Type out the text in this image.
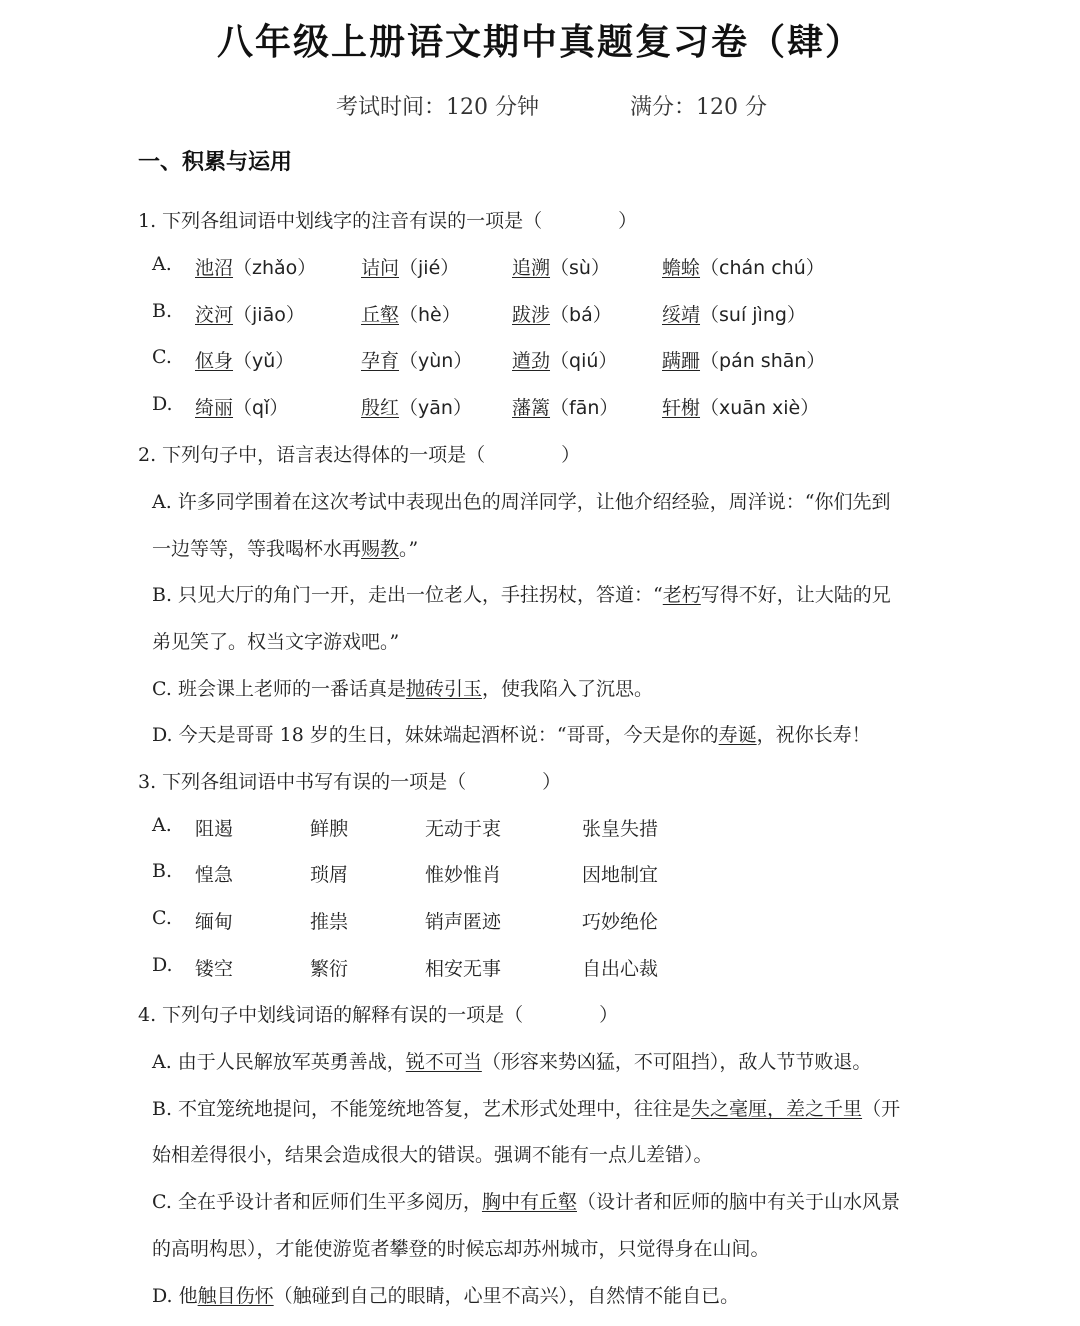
八年级上册语文期中真题复习卷（肆）
考试时间：120 分钟	满分：120 分
一、积累与运用
1. 下列各组词语中划线字的注音有误的一项是（　　　　）
A. 池沼（zhǎo） 诘问（jié）	追溯（sù）	蟾蜍（chán chú）
B. 洨河（jiāo）	丘壑（hè）	跋涉（bá）	绥靖（suí jìng）
C. 伛身（yǔ）	孕育（yùn） 遒劲（qiú） 蹒跚（pán shān）
D. 绮丽（qǐ）	殷红（yān） 藩篱（fān） 轩榭（xuān xiè）
2. 下列句子中，语言表达得体的一项是（　　　　）
A. 许多同学围着在这次考试中表现出色的周洋同学，让他介绍经验，周洋说：“你们先到
一边等等，等我喝杯水再赐教。”
B. 只见大厅的角门一开，走出一位老人，手拄拐杖，答道：“老朽写得不好，让大陆的兄
弟见笑了。权当文字游戏吧。”
C. 班会课上老师的一番话真是抛砖引玉，使我陷入了沉思。
D. 今天是哥哥 18 岁的生日，妹妹端起酒杯说：“哥哥，今天是你的寿诞，祝你长寿！
3. 下列各组词语中书写有误的一项是（　　　　）
A. 阻遏	鲜腴	无动于衷	张皇失措
B. 惶急	琐屑	惟妙惟肖	因地制宜
C. 缅甸	推祟	销声匿迹	巧妙绝伦
D. 镂空	繁衍	相安无事	自出心裁
4. 下列句子中划线词语的解释有误的一项是（　　　　）
A. 由于人民解放军英勇善战，锐不可当（形容来势凶猛，不可阻挡），敌人节节败退。
B. 不宜笼统地提问，不能笼统地答复，艺术形式处理中，往往是失之毫厘，差之千里（开
始相差得很小，结果会造成很大的错误。强调不能有一点儿差错）。
C. 全在乎设计者和匠师们生平多阅历，胸中有丘壑（设计者和匠师的脑中有关于山水风景
的高明构思），才能使游览者攀登的时候忘却苏州城市，只觉得身在山间。
D. 他触目伤怀（触碰到自己的眼睛，心里不高兴），自然情不能自已。
